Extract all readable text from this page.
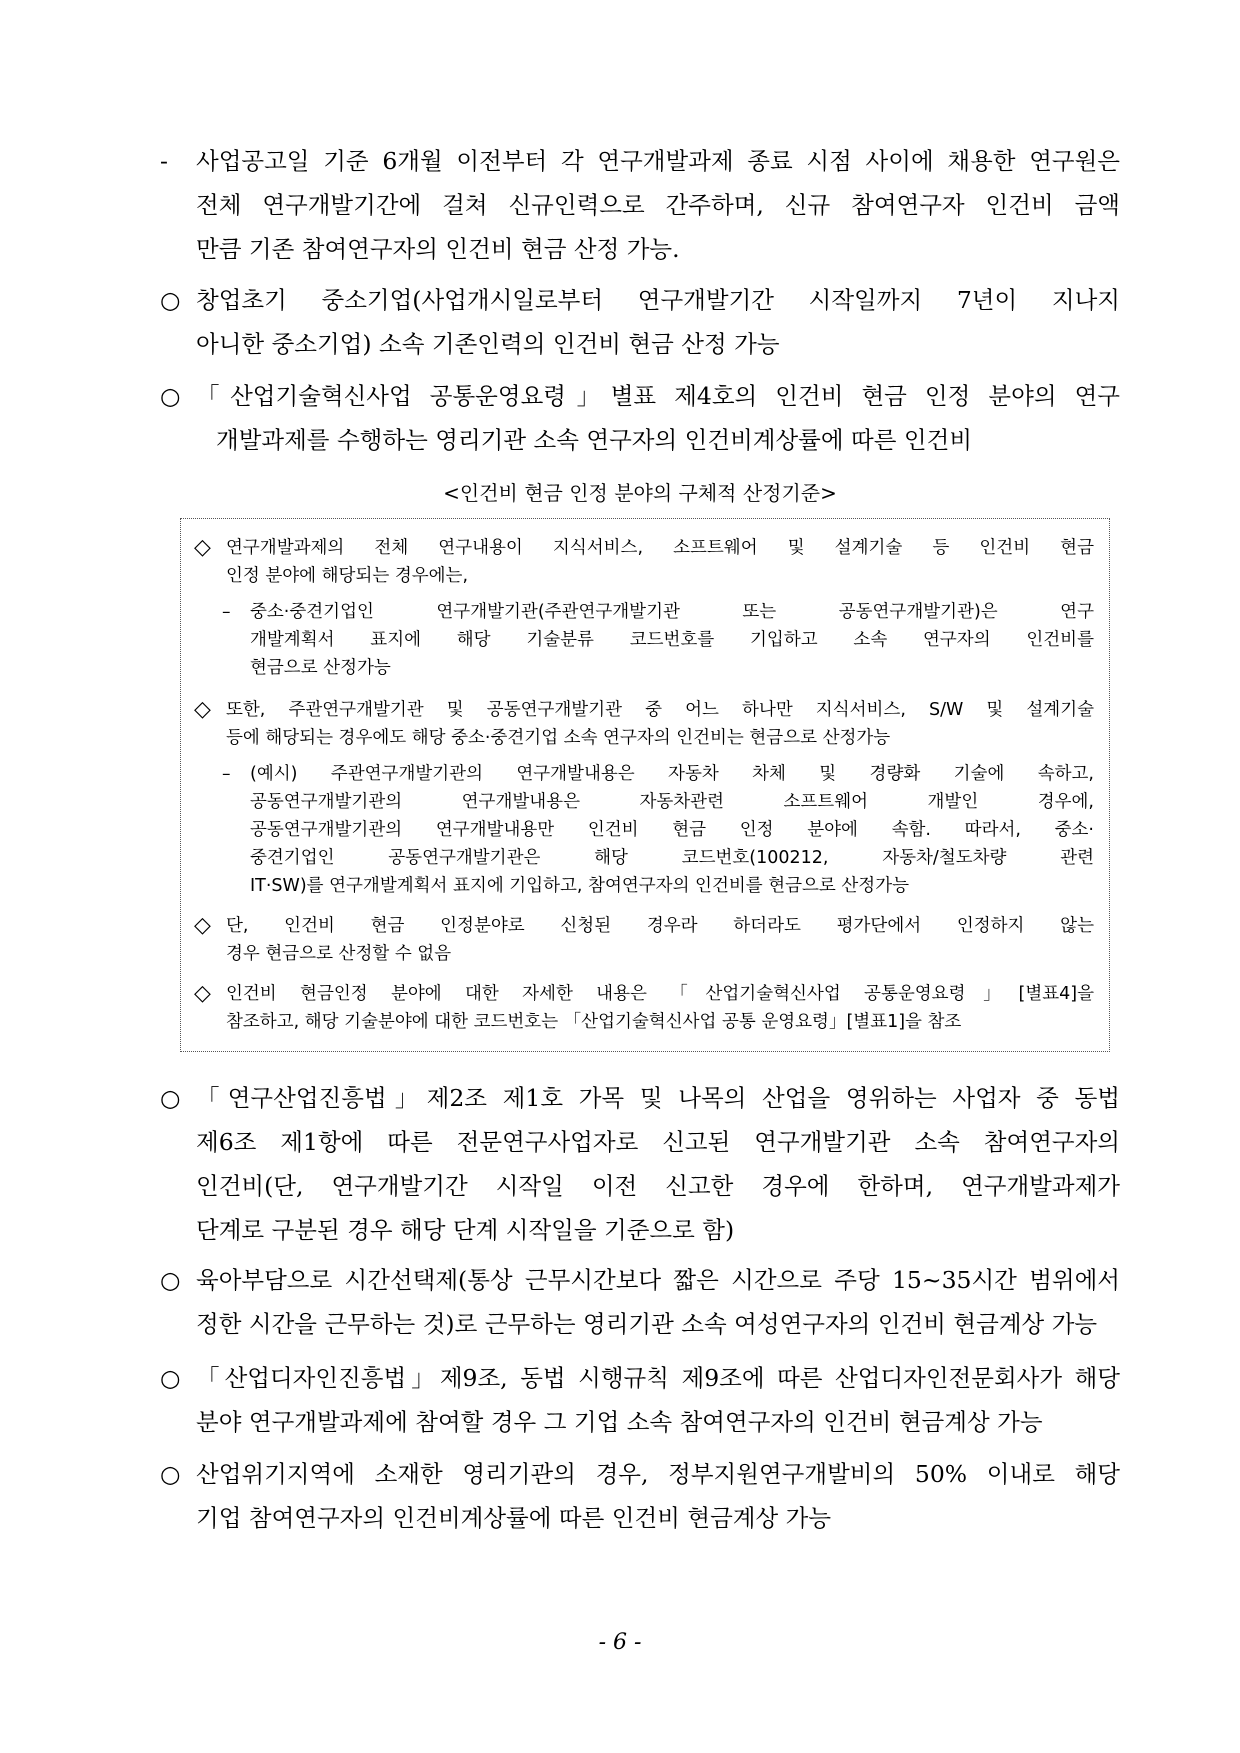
-	사업공고일 기준 6개월 이전부터 각 연구개발과제 종료 시점 사이에 채용한 연구원은
전체 연구개발기간에 걸쳐 신규인력으로 간주하며, 신규 참여연구자 인건비 금액
만큼 기존 참여연구자의 인건비 현금 산정 가능.
○ 창업초기 중소기업(사업개시일로부터 연구개발기간 시작일까지 7년이 지나지
아니한 중소기업) 소속 기존인력의 인건비 현금 산정 가능
○ 「산업기술혁신사업 공통운영요령」별표 제4호의 인건비 현금 인정 분야의 연구
개발과제를 수행하는 영리기관 소속 연구자의 인건비계상률에 따른 인건비
<인건비 현금 인정 분야의 구체적 산정기준>
◇ 연구개발과제의 전체 연구내용이 지식서비스, 소프트웨어 및 설계기술 등 인건비 현금
인정 분야에 해당되는 경우에는,
–	중소·중견기업인 연구개발기관(주관연구개발기관 또는 공동연구개발기관)은 연구
개발계획서 표지에 해당 기술분류 코드번호를 기입하고 소속 연구자의 인건비를
현금으로 산정가능
◇ 또한, 주관연구개발기관 및 공동연구개발기관 중 어느 하나만 지식서비스, S/W 및 설계기술
등에 해당되는 경우에도 해당 중소·중견기업 소속 연구자의 인건비는 현금으로 산정가능
–	(예시) 주관연구개발기관의 연구개발내용은 자동차 차체 및 경량화 기술에 속하고,
공동연구개발기관의 연구개발내용은 자동차관련 소프트웨어 개발인 경우에,
공동연구개발기관의 연구개발내용만 인건비 현금 인정 분야에 속함. 따라서, 중소·
중견기업인 공동연구개발기관은 해당 코드번호(100212, 자동차/철도차량 관련
IT·SW)를 연구개발계획서 표지에 기입하고, 참여연구자의 인건비를 현금으로 산정가능
◇ 단, 인건비 현금 인정분야로 신청된 경우라 하더라도 평가단에서 인정하지 않는
경우 현금으로 산정할 수 없음
◇ 인건비 현금인정 분야에 대한 자세한 내용은 「산업기술혁신사업 공통운영요령」[별표4]을
참조하고, 해당 기술분야에 대한 코드번호는 「산업기술혁신사업 공통 운영요령」[별표1]을 참조
○ 「연구산업진흥법」제2조 제1호 가목 및 나목의 산업을 영위하는 사업자 중 동법
제6조 제1항에 따른 전문연구사업자로 신고된 연구개발기관 소속 참여연구자의
인건비(단, 연구개발기간 시작일 이전 신고한 경우에 한하며, 연구개발과제가
단계로 구분된 경우 해당 단계 시작일을 기준으로 함)
○ 육아부담으로 시간선택제(통상 근무시간보다 짧은 시간으로 주당 15~35시간 범위에서
정한 시간을 근무하는 것)로 근무하는 영리기관 소속 여성연구자의 인건비 현금계상 가능
○ 「산업디자인진흥법」제9조, 동법 시행규칙 제9조에 따른 산업디자인전문회사가 해당
분야 연구개발과제에 참여할 경우 그 기업 소속 참여연구자의 인건비 현금계상 가능
○ 산업위기지역에 소재한 영리기관의 경우, 정부지원연구개발비의 50% 이내로 해당
기업 참여연구자의 인건비계상률에 따른 인건비 현금계상 가능
- 6 -
